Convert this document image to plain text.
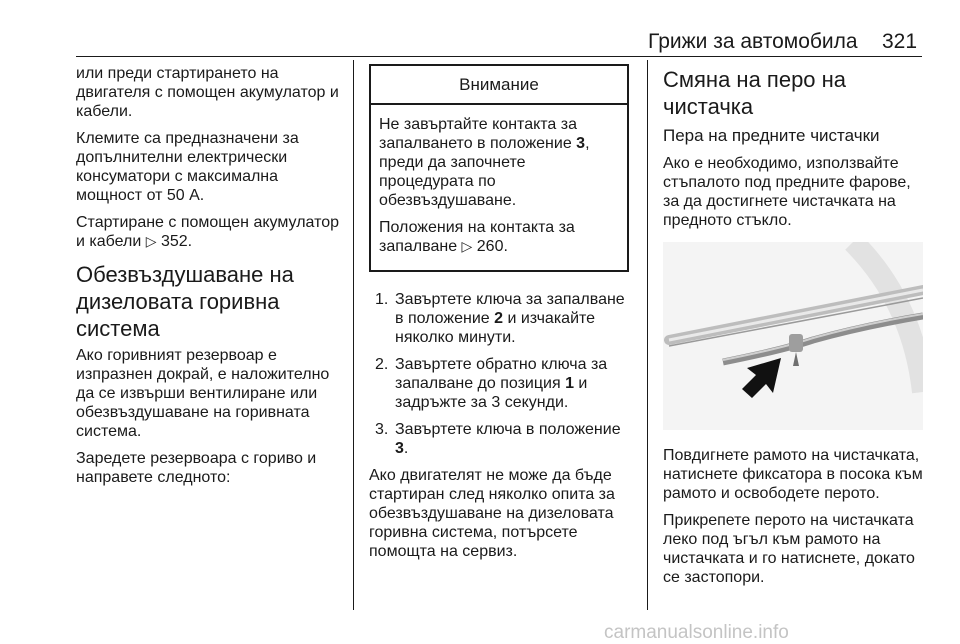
Грижи за автомобила 321

или преди стартирането на двигателя с помощен акумулатор и кабели.

Клемите са предназначени за допълнителни електрически консуматори с максимална мощност от 50 А.

Стартиране с помощен акумулатор и кабели ▷ 352.

Обезвъздушаване на дизеловата горивна система

Ако горивният резервоар е изпразнен докрай, е наложително да се извърши вентилиране или обезвъздушаване на горивната система.

Заредете резервоара с гориво и направете следното:

Внимание

Не завъртайте контакта за запалването в положение 3, преди да започнете процедурата по обезвъздушаване.

Положения на контакта за запалване ▷ 260.

1. Завъртете ключа за запалване в положение 2 и изчакайте няколко минути.
2. Завъртете обратно ключа за запалване до позиция 1 и задръжте за 3 секунди.
3. Завъртете ключа в положение 3.

Ако двигателят не може да бъде стартиран след няколко опита за обезвъздушаване на дизеловата горивна система, потърсете помощта на сервиз.

Смяна на перо на чистачка
Пера на предните чистачки

Ако е необходимо, използвайте стъпалото под предните фарове, за да достигнете чистачката на предното стъкло.

Повдигнете рамото на чистачката, натиснете фиксатора в посока към рамото и освободете перото.

Прикрепете перото на чистачката леко под ъгъл към рамото на чистачката и го натиснете, докато се застопори.

carmanualsonline.info
